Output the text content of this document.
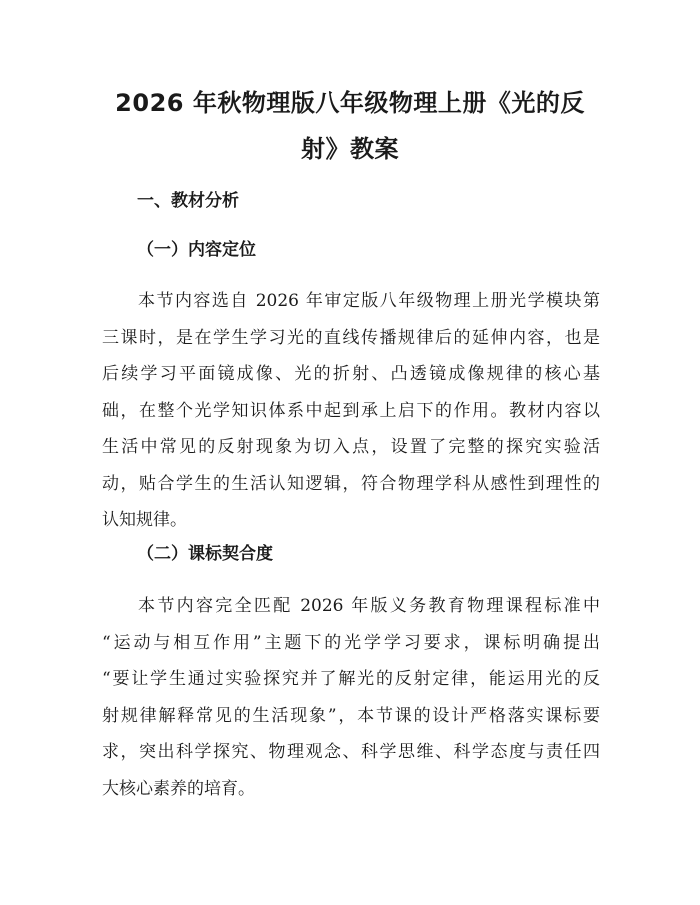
2026 年秋物理版八年级物理上册《光的反
射》教案
一、教材分析
（一）内容定位

本节内容选自 2026 年审定版八年级物理上册光学模块第
三课时，是在学生学习光的直线传播规律后的延伸内容，也是
后续学习平面镜成像、光的折射、凸透镜成像规律的核心基
础，在整个光学知识体系中起到承上启下的作用。教材内容以
生活中常见的反射现象为切入点，设置了完整的探究实验活
动，贴合学生的生活认知逻辑，符合物理学科从感性到理性的
认知规律。

（二）课标契合度

本节内容完全匹配 2026 年版义务教育物理课程标准中
“运动与相互作用”主题下的光学学习要求，课标明确提出
“要让学生通过实验探究并了解光的反射定律，能运用光的反
射规律解释常见的生活现象”，本节课的设计严格落实课标要
求，突出科学探究、物理观念、科学思维、科学态度与责任四
大核心素养的培育。
